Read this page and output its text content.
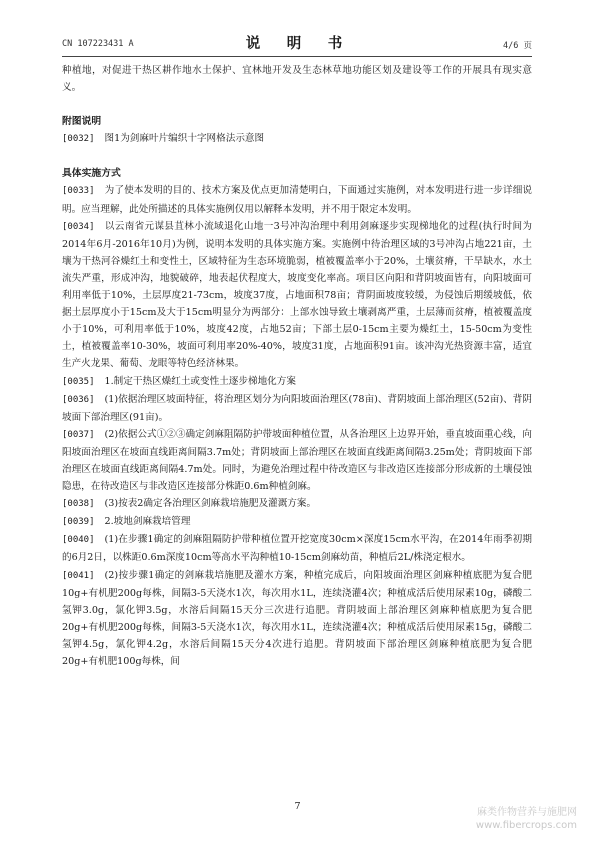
CN 107223431 A	说　明　书	4/6 页

种植地，对促进干热区耕作地水土保护、宜林地开发及生态林草地功能区划及建设等工作的开展具有现实意义。

附图说明

[0032] 图1为剑麻叶片编织十字网格法示意图

具体实施方式

[0033] 为了使本发明的目的、技术方案及优点更加清楚明白，下面通过实施例，对本发明进行进一步详细说明。应当理解，此处所描述的具体实施例仅用以解释本发明，并不用于限定本发明。

[0034] 以云南省元谋县苴林小流域退化山地一3号冲沟治理中利用剑麻逐步实现梯地化的过程(执行时间为2014年6月-2016年10月)为例，说明本发明的具体实施方案。实施例中待治理区域的3号冲沟占地221亩，土壤为干热河谷燥红土和变性土，区域特征为生态环境脆弱，植被覆盖率小于20%，土壤贫瘠，干旱缺水，水土流失严重，形成冲沟，地貌破碎，地表起伏程度大，坡度变化率高。项目区向阳和背阴坡面皆有，向阳坡面可利用率低于10%，土层厚度21-73cm，坡度37度，占地面积78亩；背阴面坡度较缓，为侵蚀后期缓坡低，依据土层厚度小于15cm及大于15cm明显分为两部分：上部水蚀导致土壤剥离严重，土层薄而贫瘠，植被覆盖度小于10%，可利用率低于10%，坡度42度，占地52亩；下部土层0-15cm主要为燥红土，15-50cm为变性土，植被覆盖率10-30%，坡面可利用率20%-40%，坡度31度，占地面积91亩。该冲沟光热资源丰富，适宜生产火龙果、葡萄、龙眼等特色经济林果。

[0035] 1.制定干热区燥红土或变性土逐步梯地化方案

[0036] (1)依据治理区坡面特征，将治理区划分为向阳坡面治理区(78亩)、背阴坡面上部治理区(52亩)、背阴坡面下部治理区(91亩)。

[0037] (2)依据公式①②③确定剑麻阻隔防护带坡面种植位置，从各治理区上边界开始，垂直坡面重心线，向阳坡面治理区在坡面直线距离间隔3.7m处；背阴坡面上部治理区在坡面直线距离间隔3.25m处；背阴坡面下部治理区在坡面直线距离间隔4.7m处。同时，为避免治理过程中待改造区与非改造区连接部分形成新的土壤侵蚀隐患，在待改造区与非改造区连接部分株距0.6m种植剑麻。

[0038] (3)按表2确定各治理区剑麻栽培施肥及灌溉方案。

[0039] 2.坡地剑麻栽培管理

[0040] (1)在步骤1确定的剑麻阻隔防护带种植位置开挖宽度30cm×深度15cm水平沟，在2014年雨季初期的6月2日，以株距0.6m深度10cm等高水平沟种植10-15cm剑麻幼苗，种植后2L/株浇定根水。

[0041] (2)按步骤1确定的剑麻栽培施肥及灌水方案，种植完成后，向阳坡面治理区剑麻种植底肥为复合肥10g+有机肥200g每株，间隔3-5天浇水1次，每次用水1L，连续浇灌4次；种植成活后使用尿素10g，磷酸二氢钾3.0g，氯化钾3.5g，水溶后间隔15天分三次进行追肥。背阴坡面上部治理区剑麻种植底肥为复合肥20g+有机肥200g每株，间隔3-5天浇水1次，每次用水1L，连续浇灌4次；种植成活后使用尿素15g，磷酸二氢钾4.5g，氯化钾4.2g，水溶后间隔15天分4次进行追肥。背阴坡面下部治理区剑麻种植底肥为复合肥20g+有机肥100g每株，间

7
麻类作物营养与施肥网
www.fibercrops.com
